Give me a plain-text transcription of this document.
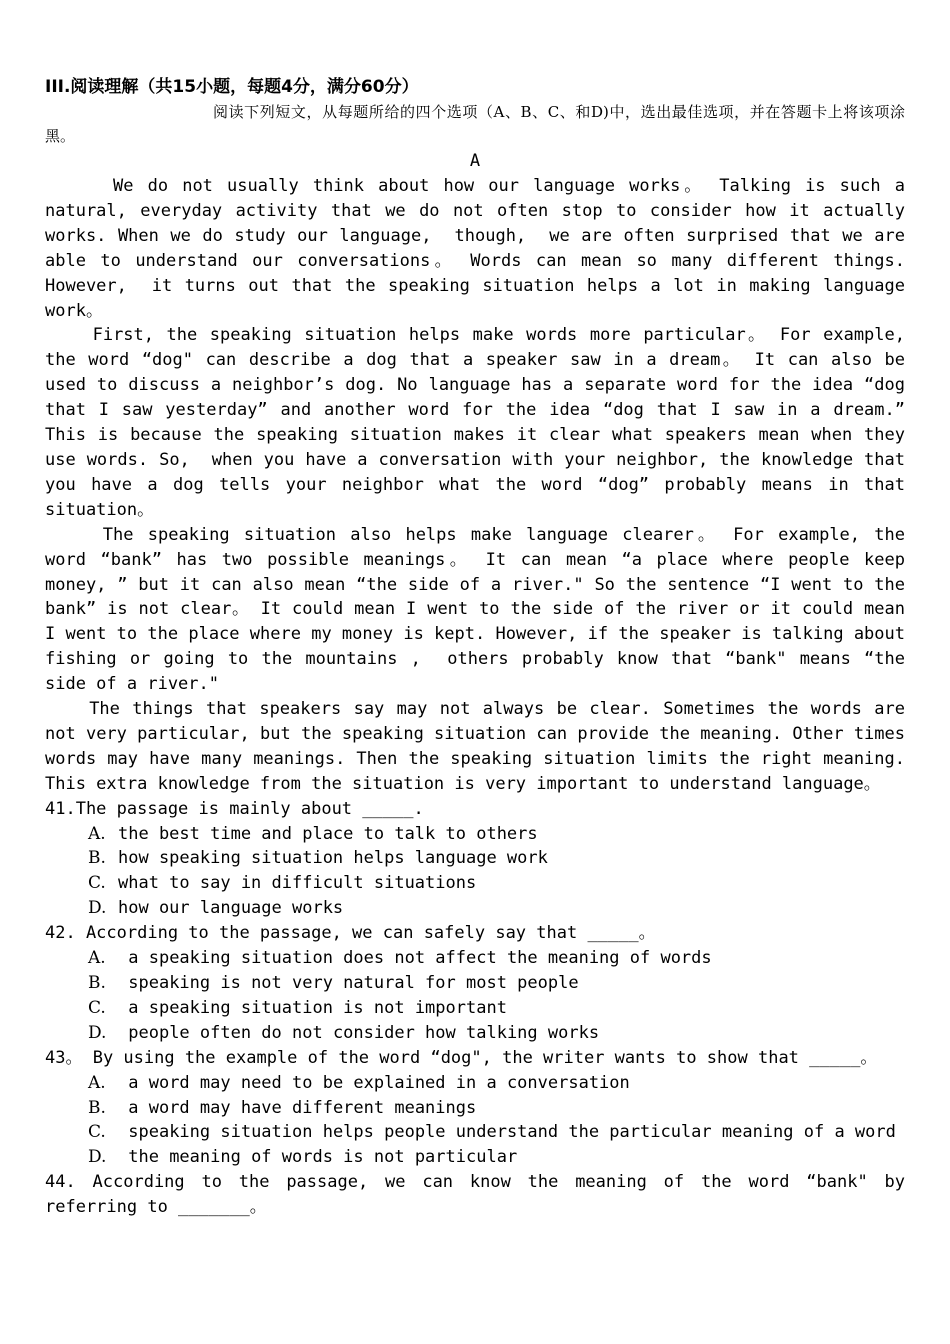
III.阅读理解（共15小题，每题4分，满分60分）

阅读下列短文，从每题所给的四个选项（A、B、C、和D)中，选出最佳选项，并在答题卡上将该项涂黑。

A

We do not usually think about how our language works。 Talking is such a natural, everyday activity that we do not often stop to consider how it actually works. When we do study our language,  though,  we are often surprised that we are able to understand our conversations。 Words can mean so many different things. However,  it turns out that the speaking situation helps a lot in making language work。

First, the speaking situation helps make words more particular。 For example, the word “dog" can describe a dog that a speaker saw in a dream。 It can also be used to discuss a neighbor’s dog. No language has a separate word for the idea “dog that I saw yesterday” and another word for the idea “dog that I saw in a dream.” This is because the speaking situation makes it clear what speakers mean when they use words. So,  when you have a conversation with your neighbor, the knowledge that you have a dog tells your neighbor what the word “dog” probably means in that situation。

The speaking situation also helps make language clearer。 For example, the word “bank” has two possible meanings。 It can mean “a place where people keep money, ” but it can also mean “the side of a river." So the sentence “I went to the bank” is not clear。 It could mean I went to the side of the river or it could mean I went to the place where my money is kept. However, if the speaker is talking about fishing or going to the mountains ,  others probably know that “bank" means “the side of a river."

The things that speakers say may not always be clear. Sometimes the words are not very particular, but the speaking situation can provide the meaning. Other times words may have many meanings. Then the speaking situation limits the right meaning. This extra knowledge from the situation is very important to understand language。

41.The passage is mainly about _____.

A. the best time and place to talk to others
B. how speaking situation helps language work
C. what to say in difficult situations
D. how our language works

42. According to the passage, we can safely say that _____。

A. a speaking situation does not affect the meaning of words
B. speaking is not very natural for most people
C. a speaking situation is not important
D. people often do not consider how talking works

43。 By using the example of the word “dog", the writer wants to show that _____。

A. a word may need to be explained in a conversation
B. a word may have different meanings
C. speaking situation helps people understand the particular meaning of a word
D. the meaning of words is not particular

44. According to the passage, we can know the meaning of the word “bank" by referring to _______。
